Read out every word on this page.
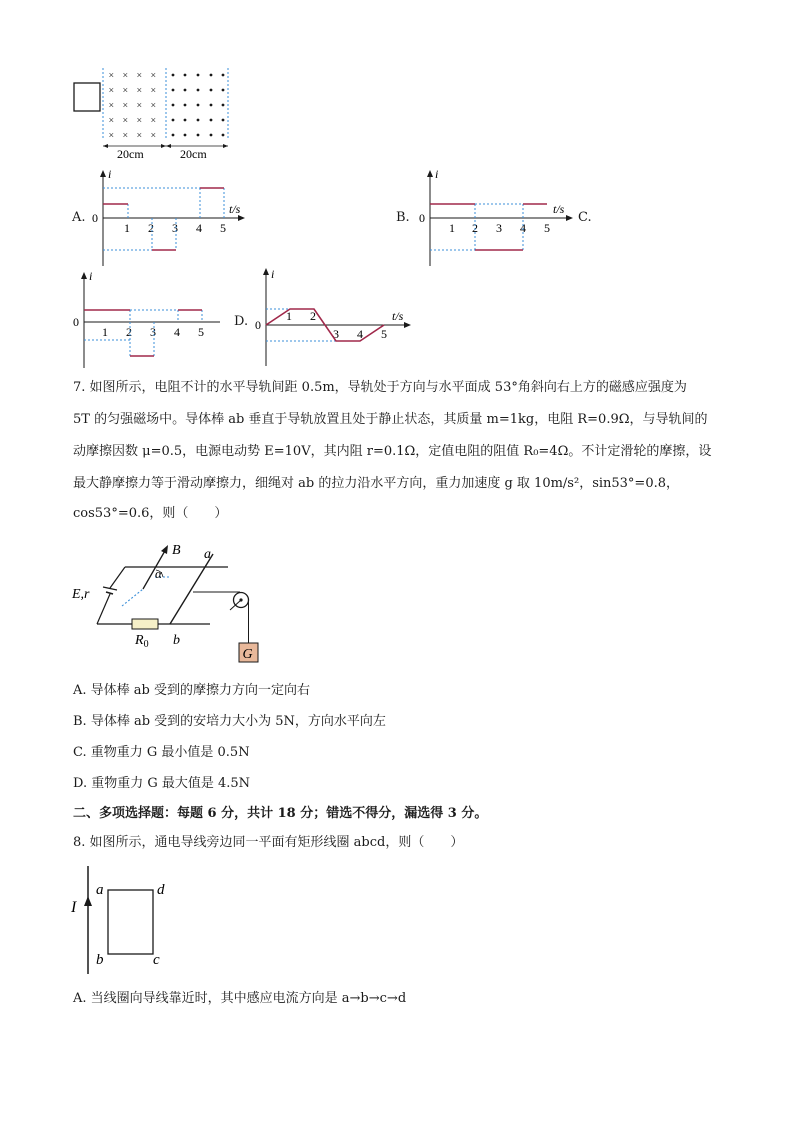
× × × ×
× × × ×
× × × ×
× × × ×
× × × ×
20cm	20cm
A.
i
t/s
0
1 2 3 4 5
B.
i
t/s
0
1 2 3 4 5
C.
i
0
1 2 3 4 5
D.
i
t/s
0
1 2
3 4 5
7. 如图所示，电阻不计的水平导轨间距 0.5m，导轨处于方向与水平面成 53°角斜向右上方的磁感应强度为
5T 的匀强磁场中。导体棒 ab 垂直于导轨放置且处于静止状态，其质量 m=1kg，电阻 R=0.9Ω，与导轨间的
动摩擦因数 μ=0.5，电源电动势 E=10V，其内阻 r=0.1Ω，定值电阻的阻值 R₀=4Ω。不计定滑轮的摩擦，设
最大静摩擦力等于滑动摩擦力，细绳对 ab 的拉力沿水平方向，重力加速度 g 取 10m/s²，sin53°=0.8，
cos53°=0.6，则（　　）
E,r
$R_0$
a
b
B
α
G
A. 导体棒 ab 受到的摩擦力方向一定向右
B. 导体棒 ab 受到的安培力大小为 5N，方向水平向左
C. 重物重力 G 最小值是 0.5N
D. 重物重力 G 最大值是 4.5N
二、多项选择题：每题 6 分，共计 18 分；错选不得分，漏选得 3 分。
8. 如图所示，通电导线旁边同一平面有矩形线圈 abcd，则（　　）
I
a	d
b	c
A. 当线圈向导线靠近时，其中感应电流方向是 a→b→c→d
